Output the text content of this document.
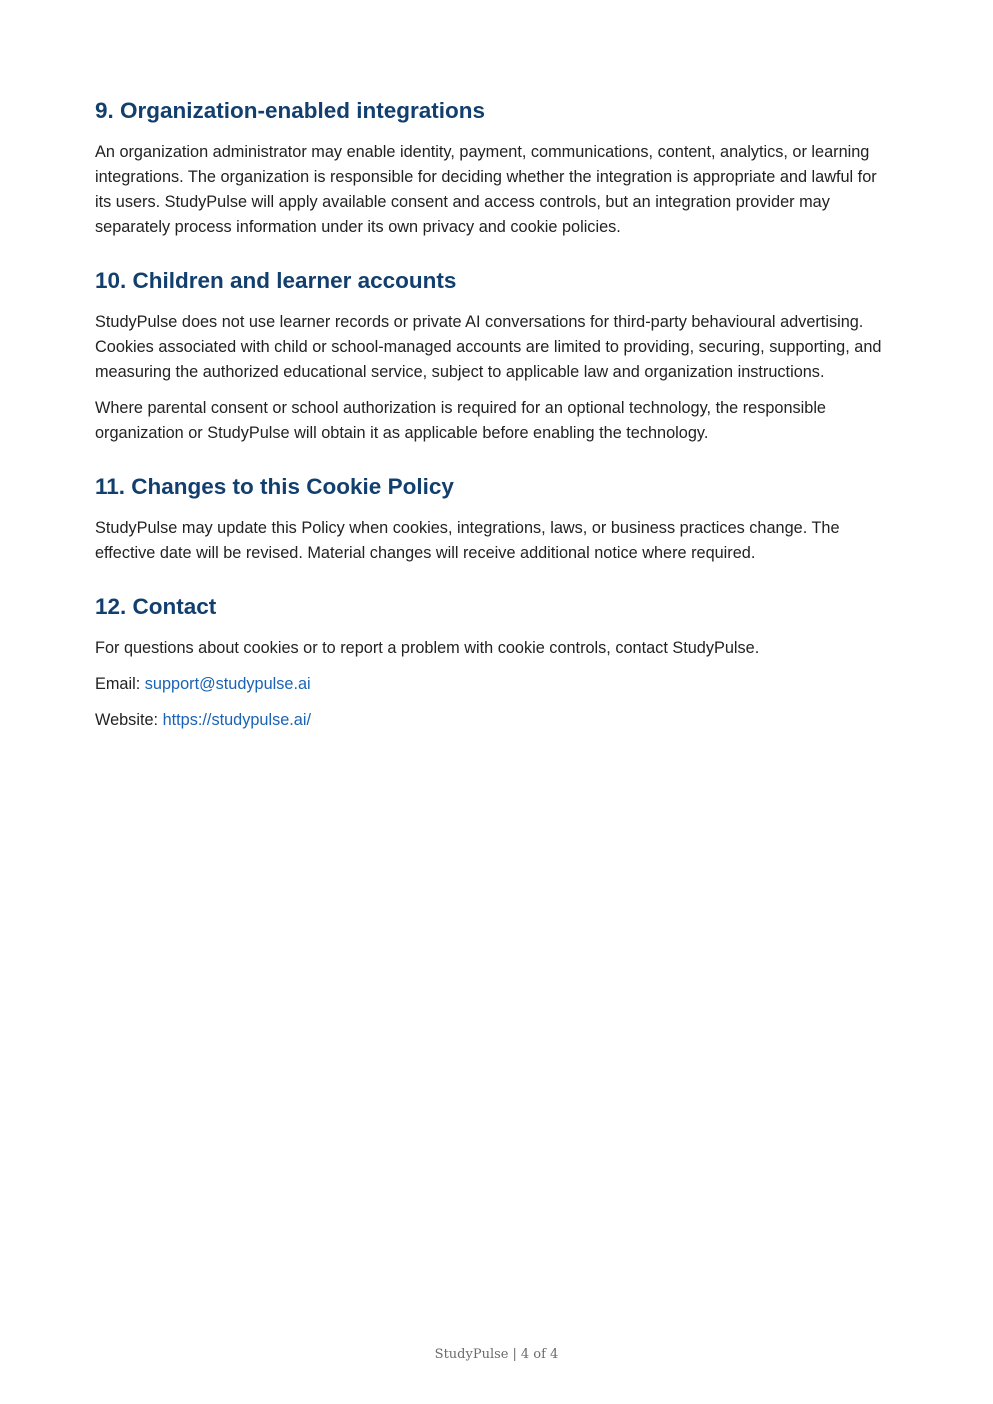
9. Organization-enabled integrations

An organization administrator may enable identity, payment, communications, content, analytics, or learning integrations. The organization is responsible for deciding whether the integration is appropriate and lawful for its users. StudyPulse will apply available consent and access controls, but an integration provider may separately process information under its own privacy and cookie policies.

10. Children and learner accounts

StudyPulse does not use learner records or private AI conversations for third-party behavioural advertising. Cookies associated with child or school-managed accounts are limited to providing, securing, supporting, and measuring the authorized educational service, subject to applicable law and organization instructions.

Where parental consent or school authorization is required for an optional technology, the responsible organization or StudyPulse will obtain it as applicable before enabling the technology.

11. Changes to this Cookie Policy

StudyPulse may update this Policy when cookies, integrations, laws, or business practices change. The effective date will be revised. Material changes will receive additional notice where required.

12. Contact

For questions about cookies or to report a problem with cookie controls, contact StudyPulse.

Email: support@studypulse.ai

Website: https://studypulse.ai/

StudyPulse | 4 of 4
